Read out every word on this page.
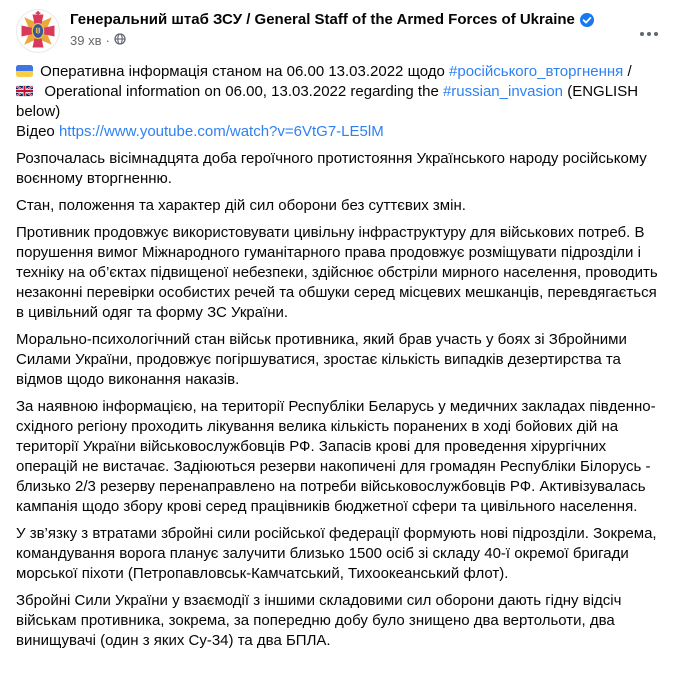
Генеральний штаб ЗСУ / General Staff of the Armed Forces of Ukraine
39 хв ·
Оперативна інформація станом на 06.00 13.03.2022 щодо #російського_вторгнення /

Operational information on 06.00, 13.03.2022 regarding the #russian_invasion (ENGLISH below)
Відео https://www.youtube.com/watch?v=6VtG7-LE5lM
Розпочалась вісімнадцята доба героїчного протистояння Українського народу російському воєнному вторгненню.
Стан, положення та характер дій сил оборони без суттєвих змін.
Противник продовжує використовувати цивільну інфраструктуру для військових потреб. В порушення вимог Міжнародного гуманітарного права продовжує розміщувати підрозділи і техніку на об’єктах підвищеної небезпеки, здійснює обстріли мирного населення, проводить незаконні перевірки особистих речей та обшуки серед місцевих мешканців, перевдягається в цивільний одяг та форму ЗС України.
Морально-психологічний стан військ противника, який брав участь у боях зі Збройними Силами України, продовжує погіршуватися, зростає кількість випадків дезертирства та відмов щодо виконання наказів.
За наявною інформацією, на території Республіки Беларусь у медичних закладах південно-східного регіону проходить лікування велика кількість поранених в ході бойових дій на території України військовослужбовців РФ. Запасів крові для проведення хірургічних операцій не вистачає. Задіюються резерви накопичені для громадян Республіки Білорусь - близько 2/3 резерву перенаправлено на потреби військовослужбовців РФ. Активізувалась кампанія щодо збору крові серед працівників бюджетної сфери та цивільного населення.
У зв’язку з втратами збройні сили російської федерації формують нові підрозділи. Зокрема, командування ворога планує залучити близько 1500 осіб зі складу 40-ї окремої бригади морської піхоти (Петропавловськ-Камчатський, Тихоокеанський флот).
Збройні Сили України у взаємодії з іншими складовими сил оборони дають гідну відсіч військам противника, зокрема, за попередню добу було знищено два вертольоти, два винищувачі (один з яких Су-34) та два БПЛА.
